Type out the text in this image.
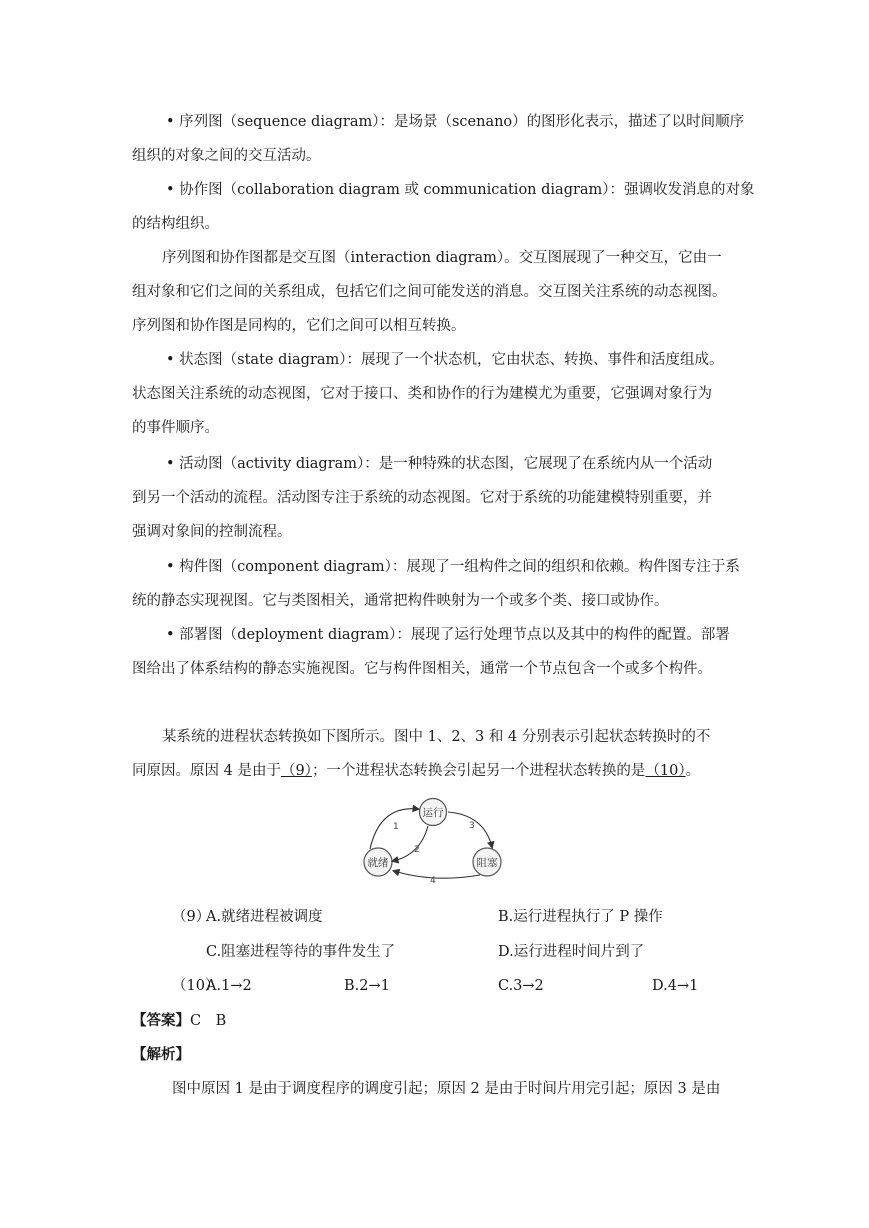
• 序列图（sequence diagram）：是场景（scenano）的图形化表示，描述了以时间顺序
组织的对象之间的交互活动。
• 协作图（collaboration diagram 或 communication diagram）：强调收发消息的对象
的结构组织。
序列图和协作图都是交互图（interaction diagram）。交互图展现了一种交互，它由一
组对象和它们之间的关系组成，包括它们之间可能发送的消息。交互图关注系统的动态视图。
序列图和协作图是同构的，它们之间可以相互转换。
• 状态图（state diagram）：展现了一个状态机，它由状态、转换、事件和活度组成。
状态图关注系统的动态视图，它对于接口、类和协作的行为建模尤为重要，它强调对象行为
的事件顺序。
• 活动图（activity diagram）：是一种特殊的状态图，它展现了在系统内从一个活动
到另一个活动的流程。活动图专注于系统的动态视图。它对于系统的功能建模特别重要，并
强调对象间的控制流程。
• 构件图（component diagram）：展现了一组构件之间的组织和依赖。构件图专注于系
统的静态实现视图。它与类图相关，通常把构件映射为一个或多个类、接口或协作。
• 部署图（deployment diagram）：展现了运行处理节点以及其中的构件的配置。部署
图给出了体系结构的静态实施视图。它与构件图相关，通常一个节点包含一个或多个构件。
某系统的进程状态转换如下图所示。图中 1、2、3 和 4 分别表示引起状态转换时的不
同原因。原因 4 是由于（9）；一个进程状态转换会引起另一个进程状态转换的是（10）。
运行
就绪	阻塞
1
2
3
4
（9）
A.就绪进程被调度	B.运行进程执行了 P 操作
C.阻塞进程等待的事件发生了	D.运行进程时间片到了
（10）
A.1→2	B.2→1	C.3→2	D.4→1
【答案】C　B
【解析】
图中原因 1 是由于调度程序的调度引起；原因 2 是由于时间片用完引起；原因 3 是由
